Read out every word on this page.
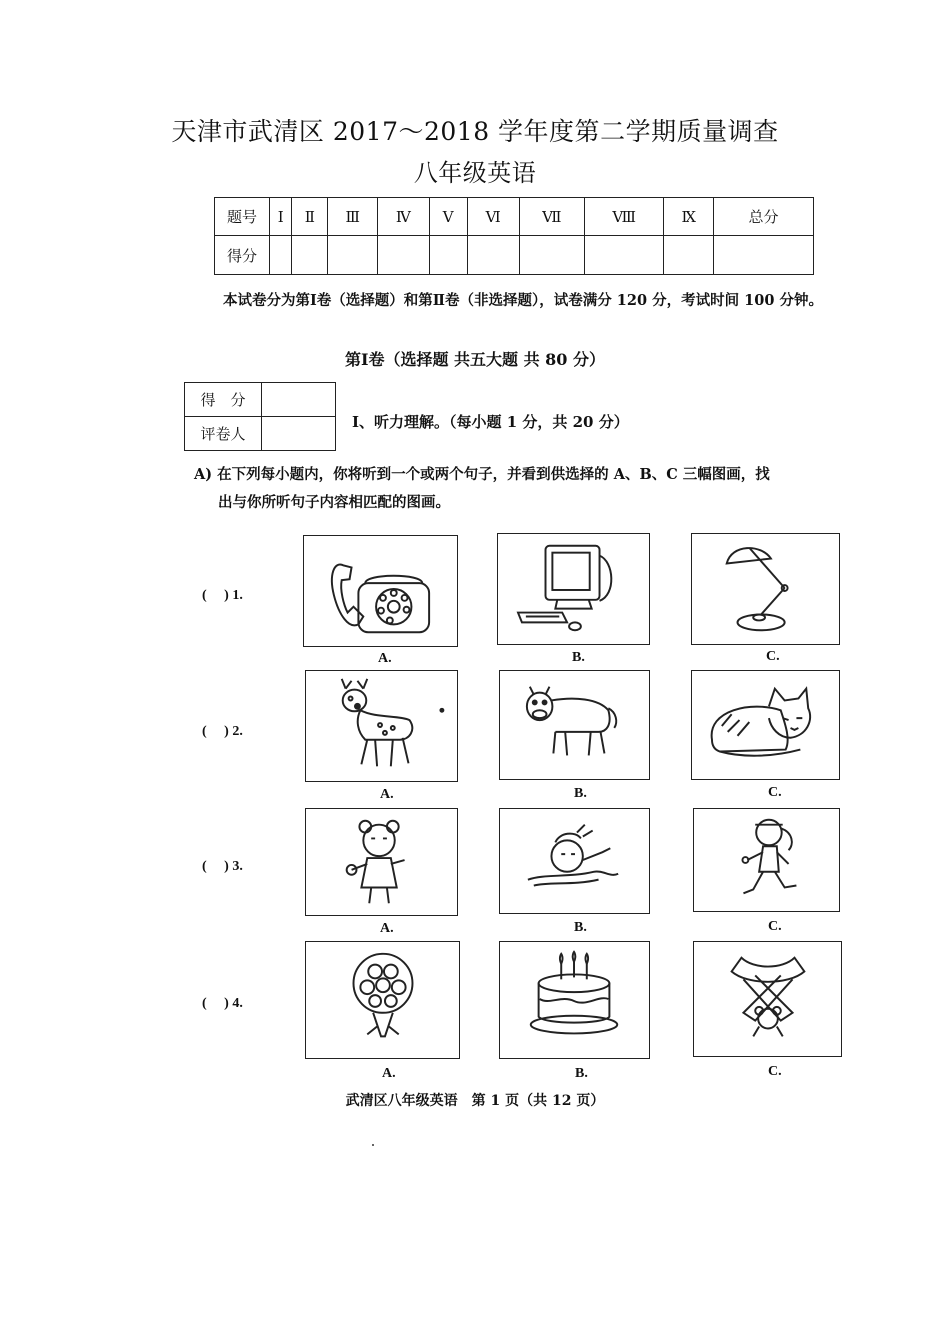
天津市武清区 2017～2018 学年度第二学期质量调查
八年级英语
题号	Ⅰ	Ⅱ	Ⅲ	Ⅳ	Ⅴ	Ⅵ	Ⅶ	Ⅷ	Ⅸ	总分
得分										
本试卷分为第Ⅰ卷（选择题）和第Ⅱ卷（非选择题），试卷满分 120 分，考试时间 100 分钟。
第Ⅰ卷（选择题 共五大题 共 80 分）
得　分	
评卷人	
Ⅰ、听力理解。（每小题 1 分，共 20 分）
A) 在下列每小题内，你将听到一个或两个句子，并看到供选择的 A、B、C 三幅图画，找
出与你所听句子内容相匹配的图画。
(　 ) 1.
A.	B.	C.
(　 ) 2.
A.	B.	C.
(　 ) 3.
A.	B.	C.
(　 ) 4.
A.	B.	C.
武清区八年级英语　第 1 页（共 12 页）
